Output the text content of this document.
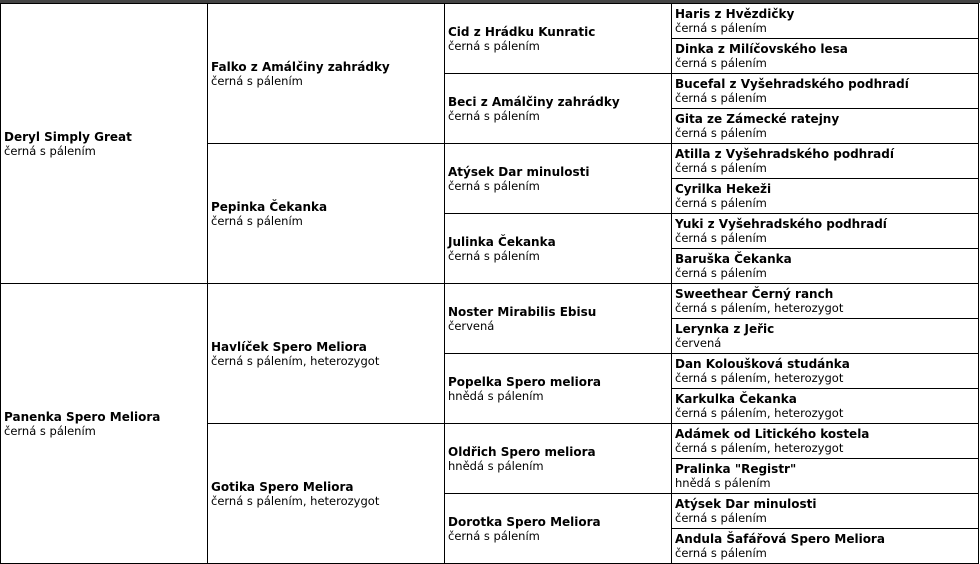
Deryl Simply Great
černá s pálením	Falko z Amálčiny zahrádky
černá s pálením	Cid z Hrádku Kunratic
černá s pálením	Haris z Hvězdičky
černá s pálením

			Dinka z Milíčovského lesa
černá s pálením

		Beci z Amálčiny zahrádky
černá s pálením	Bucefal z Vyšehradského podhradí
černá s pálením

			Gita ze Zámecké ratejny
černá s pálením

	Pepinka Čekanka
černá s pálením	Atýsek Dar minulosti
černá s pálením	Atilla z Vyšehradského podhradí
černá s pálením

			Cyrilka Hekeži
černá s pálením

		Julinka Čekanka
černá s pálením	Yuki z Vyšehradského podhradí
černá s pálením

			Baruška Čekanka
černá s pálením

Panenka Spero Meliora
černá s pálením	Havlíček Spero Meliora
černá s pálením, heterozygot	Noster Mirabilis Ebisu
červená	Sweethear Černý ranch
černá s pálením, heterozygot

			Lerynka z Jeřic
červená

		Popelka Spero meliora
hnědá s pálením	Dan Koloušková studánka
černá s pálením, heterozygot

			Karkulka Čekanka
černá s pálením, heterozygot

	Gotika Spero Meliora
černá s pálením, heterozygot	Oldřich Spero meliora
hnědá s pálením	Adámek od Litického kostela
černá s pálením, heterozygot

			Pralinka "Registr"
hnědá s pálením

		Dorotka Spero Meliora
černá s pálením	Atýsek Dar minulosti
černá s pálením

			Andula Šafářová Spero Meliora
černá s pálením
